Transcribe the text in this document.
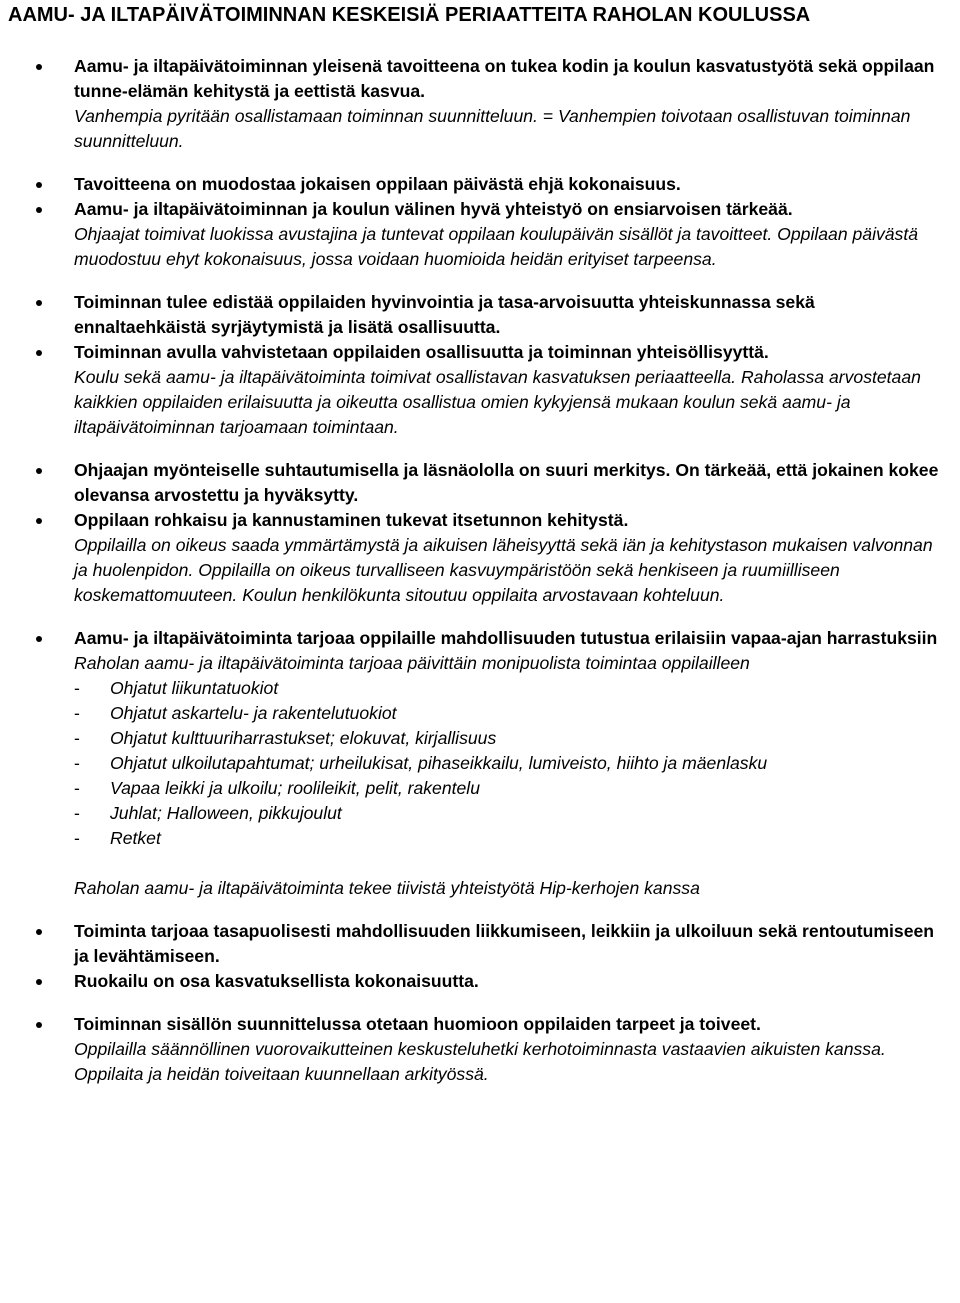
AAMU- JA ILTAPÄIVÄTOIMINNAN KESKEISIÄ PERIAATTEITA RAHOLAN KOULUSSA
Aamu- ja iltapäivätoiminnan yleisenä tavoitteena on tukea kodin ja koulun kasvatustyötä sekä oppilaan tunne-elämän kehitystä ja eettistä kasvua.
Vanhempia pyritään osallistamaan toiminnan suunnitteluun. = Vanhempien toivotaan osallistuvan toiminnan suunnitteluun.
Tavoitteena on muodostaa jokaisen oppilaan päivästä ehjä kokonaisuus.
Aamu- ja iltapäivätoiminnan ja koulun välinen hyvä yhteistyö on ensiarvoisen tärkeää.
Ohjaajat toimivat luokissa avustajina ja tuntevat oppilaan koulupäivän sisällöt ja tavoitteet. Oppilaan päivästä muodostuu ehyt kokonaisuus, jossa voidaan huomioida heidän erityiset tarpeensa.
Toiminnan tulee edistää oppilaiden hyvinvointia ja tasa-arvoisuutta yhteiskunnassa sekä ennaltaehkäistä syrjäytymistä ja lisätä osallisuutta.
Toiminnan avulla vahvistetaan oppilaiden osallisuutta ja toiminnan yhteisöllisyyttä.
Koulu sekä aamu- ja iltapäivätoiminta toimivat osallistavan kasvatuksen periaatteella. Raholassa arvostetaan kaikkien oppilaiden erilaisuutta ja oikeutta osallistua omien kykyjensä mukaan koulun sekä aamu- ja iltapäivätoiminnan tarjoamaan toimintaan.
Ohjaajan myönteiselle suhtautumisella ja läsnäololla on suuri merkitys. On tärkeää, että jokainen kokee olevansa arvostettu ja hyväksytty.
Oppilaan rohkaisu ja kannustaminen tukevat itsetunnon kehitystä.
Oppilailla on oikeus saada ymmärtämystä ja aikuisen läheisyyttä sekä iän ja kehitystason mukaisen valvonnan ja huolenpidon. Oppilailla on oikeus turvalliseen kasvuympäristöön sekä henkiseen ja ruumiilliseen koskemattomuuteen. Koulun henkilökunta sitoutuu oppilaita arvostavaan kohteluun.
Aamu- ja iltapäivätoiminta tarjoaa oppilaille mahdollisuuden tutustua erilaisiin vapaa-ajan harrastuksiin
Raholan aamu- ja iltapäivätoiminta tarjoaa päivittäin monipuolista toimintaa oppilailleen
- Ohjatut liikuntatuokiot
- Ohjatut askartelu- ja rakentelutuokiot
- Ohjatut kulttuuriharrastukset; elokuvat, kirjallisuus
- Ohjatut ulkoilutapahtumat; urheilukisat, pihaseikkailu, lumiveisto, hiihto ja mäenlasku
- Vapaa leikki ja ulkoilu; roolileikit, pelit, rakentelu
- Juhlat; Halloween, pikkujoulut
- Retket
Raholan aamu- ja iltapäivätoiminta tekee tiivistä yhteistyötä Hip-kerhojen kanssa
Toiminta tarjoaa tasapuolisesti mahdollisuuden liikkumiseen, leikkiin ja ulkoiluun sekä rentoutumiseen ja levähtämiseen.
Ruokailu on osa kasvatuksellista kokonaisuutta.
Toiminnan sisällön suunnittelussa otetaan huomioon oppilaiden tarpeet ja toiveet.
Oppilailla säännöllinen vuorovaikutteinen keskusteluhetki kerhotoiminnasta vastaavien aikuisten kanssa. Oppilaita ja heidän toiveitaan kuunnellaan arkityössä.
